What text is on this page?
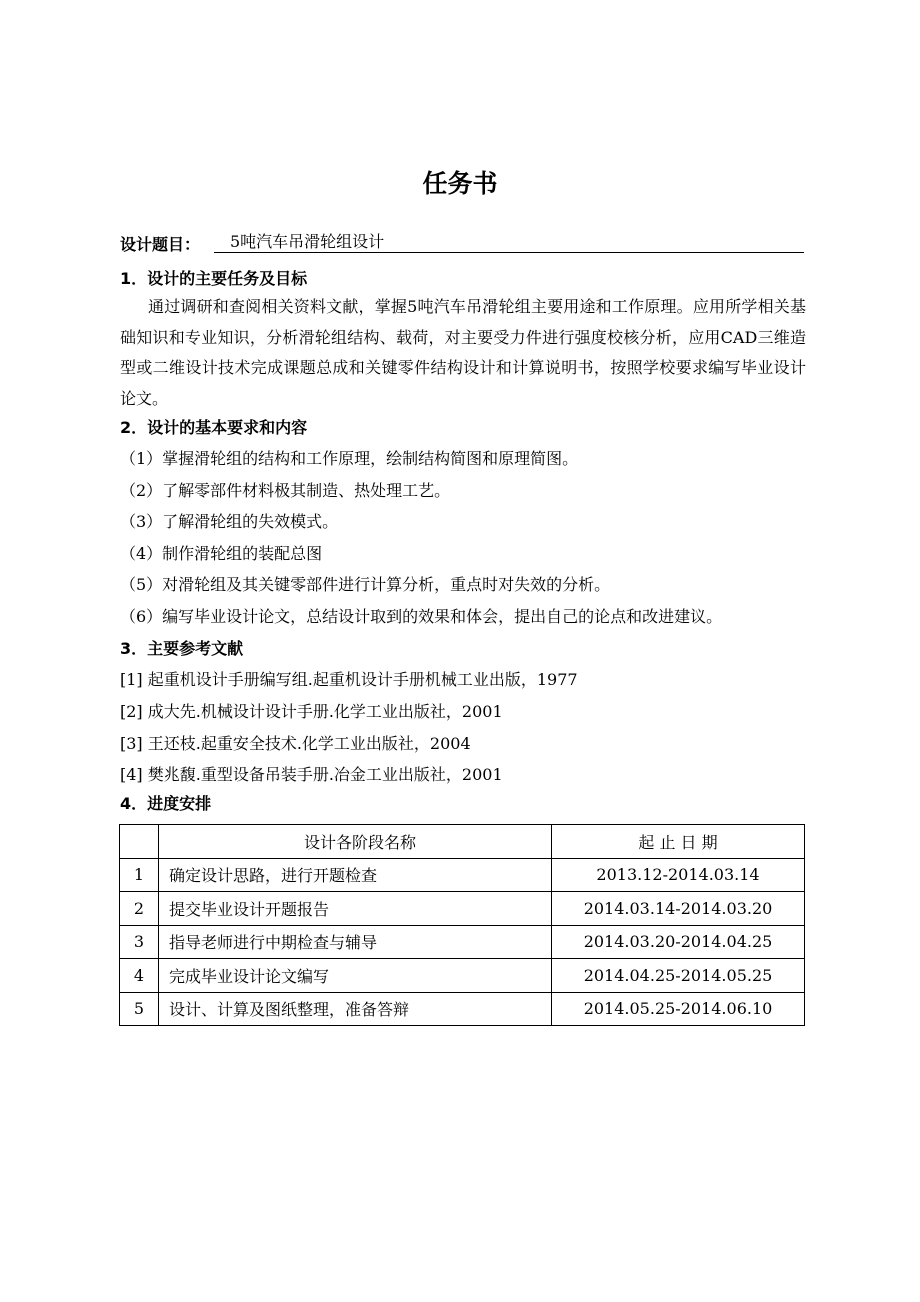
任务书
设计题目：	5吨汽车吊滑轮组设计
1．设计的主要任务及目标
通过调研和查阅相关资料文献，掌握5吨汽车吊滑轮组主要用途和工作原理。应用所学相关基础知识和专业知识，分析滑轮组结构、载荷，对主要受力件进行强度校核分析，应用CAD三维造型或二维设计技术完成课题总成和关键零件结构设计和计算说明书，按照学校要求编写毕业设计论文。
2．设计的基本要求和内容
（1）掌握滑轮组的结构和工作原理，绘制结构简图和原理简图。
（2）了解零部件材料极其制造、热处理工艺。
（3）了解滑轮组的失效模式。
（4）制作滑轮组的装配总图
（5）对滑轮组及其关键零部件进行计算分析，重点时对失效的分析。
（6）编写毕业设计论文，总结设计取到的效果和体会，提出自己的论点和改进建议。
3．主要参考文献
[1] 起重机设计手册编写组.起重机设计手册机械工业出版，1977
[2] 成大先.机械设计设计手册.化学工业出版社，2001
[3] 王还枝.起重安全技术.化学工业出版社，2004
[4] 樊兆馥.重型设备吊装手册.冶金工业出版社，2001
4．进度安排
	设计各阶段名称	起 止 日 期
1	确定设计思路，进行开题检查	2013.12-2014.03.14
2	提交毕业设计开题报告	2014.03.14-2014.03.20
3	指导老师进行中期检查与辅导	2014.03.20-2014.04.25
4	完成毕业设计论文编写	2014.04.25-2014.05.25
5	设计、计算及图纸整理，准备答辩	2014.05.25-2014.06.10
